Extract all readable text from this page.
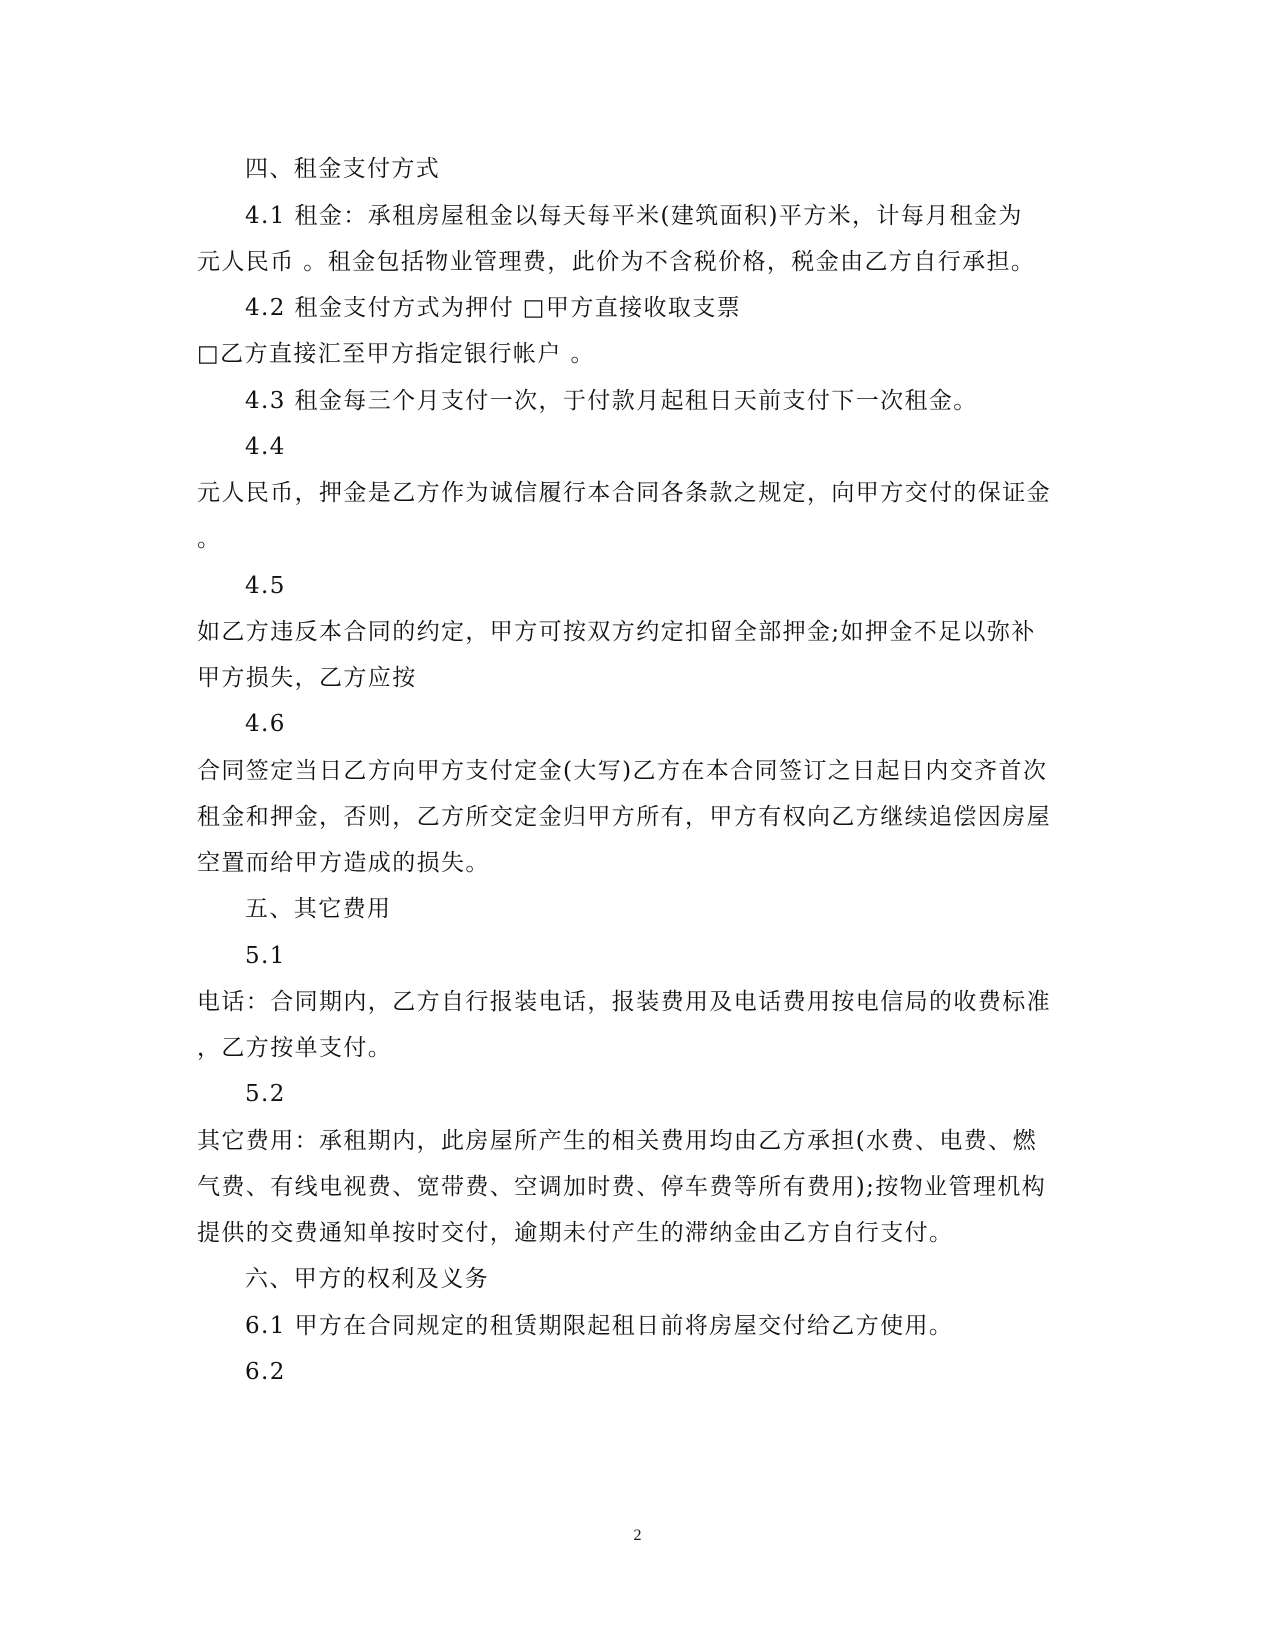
四、租金支付方式
4.1 租金：承租房屋租金以每天每平米(建筑面积)平方米，计每月租金为
元人民币 。租金包括物业管理费，此价为不含税价格，税金由乙方自行承担。
4.2 租金支付方式为押付 □甲方直接收取支票
□乙方直接汇至甲方指定银行帐户 。
4.3 租金每三个月支付一次，于付款月起租日天前支付下一次租金。
4.4
元人民币，押金是乙方作为诚信履行本合同各条款之规定，向甲方交付的保证金
。
4.5
如乙方违反本合同的约定，甲方可按双方约定扣留全部押金;如押金不足以弥补
甲方损失，乙方应按
4.6
合同签定当日乙方向甲方支付定金(大写)乙方在本合同签订之日起日内交齐首次
租金和押金，否则，乙方所交定金归甲方所有，甲方有权向乙方继续追偿因房屋
空置而给甲方造成的损失。
五、其它费用
5.1
电话：合同期内，乙方自行报装电话，报装费用及电话费用按电信局的收费标准
，乙方按单支付。
5.2
其它费用：承租期内，此房屋所产生的相关费用均由乙方承担(水费、电费、燃
气费、有线电视费、宽带费、空调加时费、停车费等所有费用);按物业管理机构
提供的交费通知单按时交付，逾期未付产生的滞纳金由乙方自行支付。
六、甲方的权利及义务
6.1 甲方在合同规定的租赁期限起租日前将房屋交付给乙方使用。
6.2
2
